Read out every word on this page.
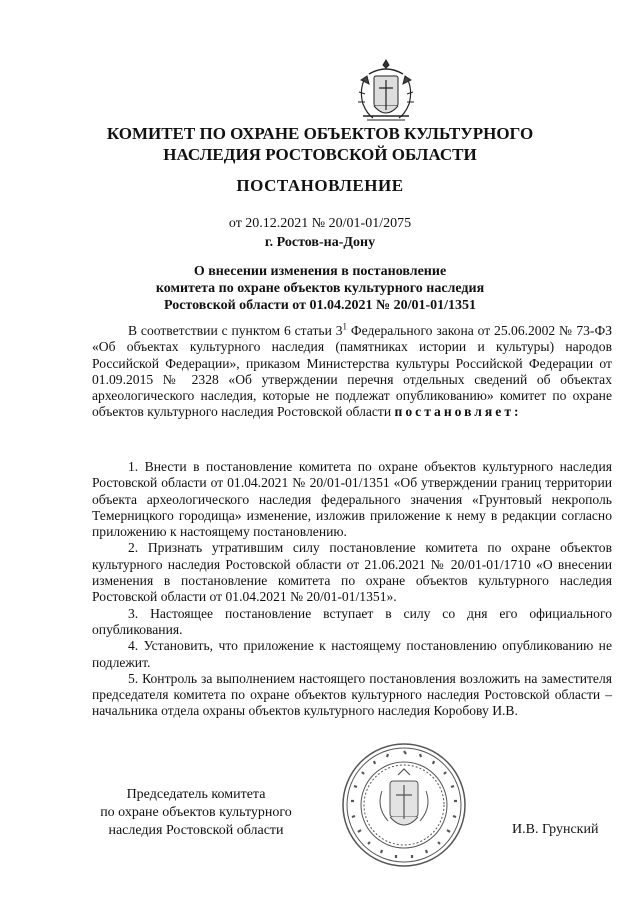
КОМИТЕТ ПО ОХРАНЕ ОБЪЕКТОВ КУЛЬТУРНОГО
НАСЛЕДИЯ РОСТОВСКОЙ ОБЛАСТИ
ПОСТАНОВЛЕНИЕ
от 20.12.2021 № 20/01-01/2075
г. Ростов-на-Дону
О внесении изменения в постановление
комитета по охране объектов культурного наследия
Ростовской области от 01.04.2021 № 20/01-01/1351

В соответствии с пунктом 6 статьи $3^1$ Федерального закона от 25.06.2002 № 73-ФЗ «Об объектах культурного наследия (памятниках истории и культуры) народов Российской Федерации», приказом Министерства культуры Российской Федерации от 01.09.2015 № 2328 «Об утверждении перечня отдельных сведений об объектах археологического наследия, которые не подлежат опубликованию» комитет по охране объектов культурного наследия Ростовской области постановляет:

1. Внести в постановление комитета по охране объектов культурного наследия Ростовской области от 01.04.2021 № 20/01-01/1351 «Об утверждении границ территории объекта археологического наследия федерального значения «Грунтовый некрополь Темерницкого городища» изменение, изложив приложение к нему в редакции согласно приложению к настоящему постановлению.

2. Признать утратившим силу постановление комитета по охране объектов культурного наследия Ростовской области от 21.06.2021 № 20/01-01/1710 «О внесении изменения в постановление комитета по охране объектов культурного наследия Ростовской области от 01.04.2021 № 20/01-01/1351».

3. Настоящее постановление вступает в силу со дня его официального опубликования.

4. Установить, что приложение к настоящему постановлению опубликованию не подлежит.

5. Контроль за выполнением настоящего постановления возложить на заместителя председателя комитета по охране объектов культурного наследия Ростовской области – начальника отдела охраны объектов культурного наследия Коробову И.В.

Председатель комитета
по охране объектов культурного
наследия Ростовской области	И.В. Грунский
